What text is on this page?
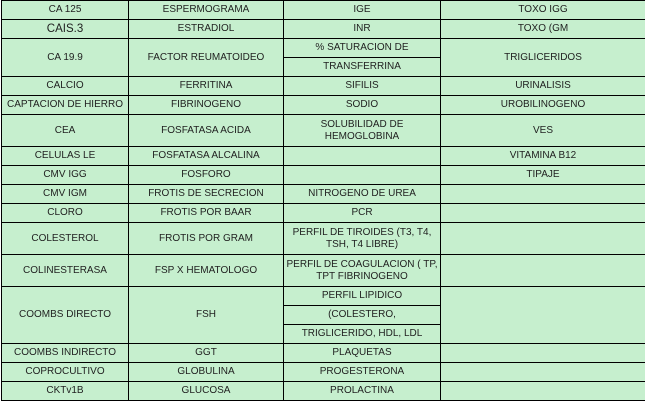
CA 125	ESPERMOGRAMA	IGE	TOXO IGG
CAIS.3	ESTRADIOL	INR	TOXO (GM
CA 19.9	FACTOR REUMATOIDEO	% SATURACION DE	TRIGLICERIDOS
		TRANSFERRINA	
CALCIO	FERRITINA	SIFILIS	URINALISIS
CAPTACION DE HIERRO	FIBRINOGENO	SODIO	UROBILINOGENO
CEA	FOSFATASA ACIDA	SOLUBILIDAD DE HEMOGLOBINA	VES
CELULAS LE	FOSFATASA ALCALINA		VITAMINA B12
CMV IGG	FOSFORO		TIPAJE
CMV IGM	FROTIS DE SECRECION	NITROGENO DE UREA	
CLORO	FROTIS POR BAAR	PCR	
COLESTEROL	FROTIS POR GRAM	PERFIL DE TIROIDES (T3, T4, TSH, T4 LIBRE)	
COLINESTERASA	FSP X HEMATOLOGO	PERFIL DE COAGULACION ( TP, TPT FIBRINOGENO	
COOMBS DIRECTO	FSH	PERFIL LIPIDICO	
		(COLESTERO,	
		TRIGLICERIDO, HDL, LDL	
COOMBS INDIRECTO	GGT	PLAQUETAS	
COPROCULTIVO	GLOBULINA	PROGESTERONA	
CKTv1B	GLUCOSA	PROLACTINA	
